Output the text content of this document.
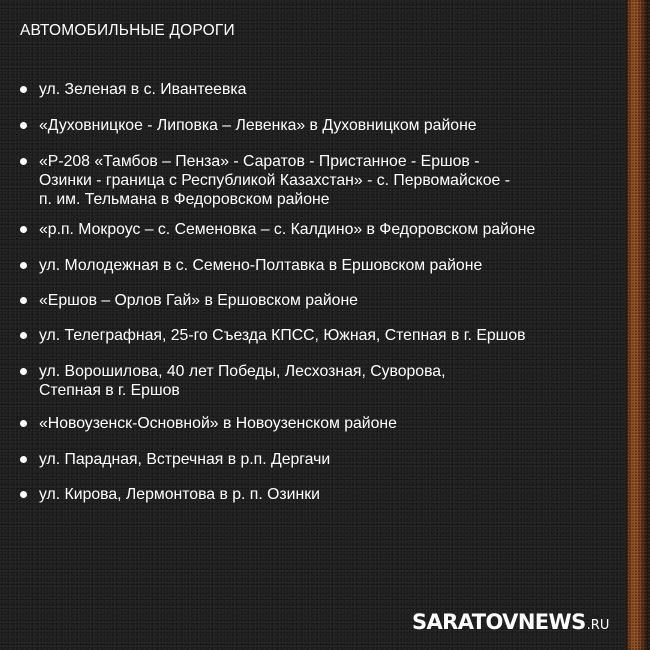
АВТОМОБИЛЬНЫЕ ДОРОГИ
ул. Зеленая в с. Ивантеевка
«Духовницкое - Липовка – Левенка» в Духовницком районе
«Р-208 «Тамбов – Пенза» - Саратов - Пристанное - Ершов -
Озинки - граница с Республикой Казахстан» - с. Первомайское -
п. им. Тельмана в Федоровском районе
«р.п. Мокроус – с. Семеновка – с. Калдино» в Федоровском районе
ул. Молодежная в с. Семено-Полтавка в Ершовском районе
«Ершов – Орлов Гай» в Ершовском районе
ул. Телеграфная, 25-го Съезда КПСС, Южная, Степная в г. Ершов
ул. Ворошилова, 40 лет Победы, Лесхозная, Суворова,
Степная в г. Ершов
«Новоузенск-Основной» в Новоузенском районе
ул. Парадная, Встречная в р.п. Дергачи
ул. Кирова, Лермонтова в р. п. Озинки
SARATOVNEWS .RU
